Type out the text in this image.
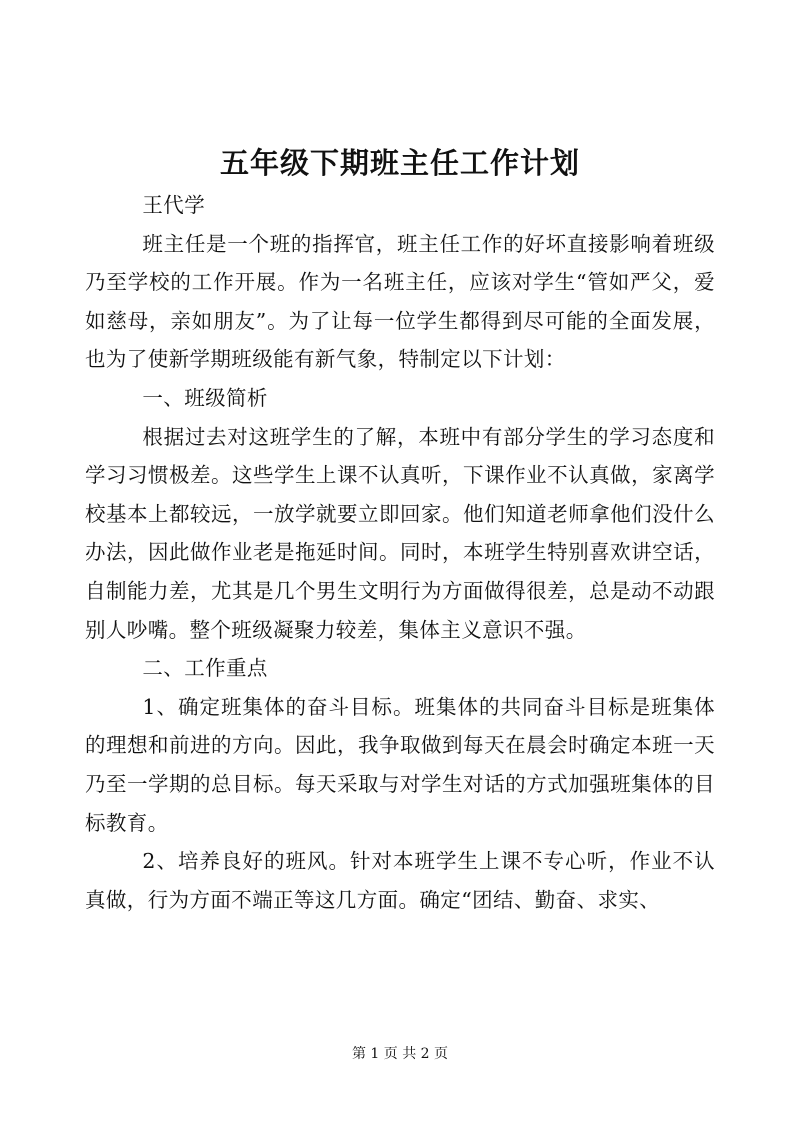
五年级下期班主任工作计划

王代学

班主任是一个班的指挥官，班主任工作的好坏直接影响着班级乃至学校的工作开展。作为一名班主任，应该对学生“管如严父，爱如慈母，亲如朋友”。为了让每一位学生都得到尽可能的全面发展，也为了使新学期班级能有新气象，特制定以下计划：

一、班级简析

根据过去对这班学生的了解，本班中有部分学生的学习态度和学习习惯极差。这些学生上课不认真听，下课作业不认真做，家离学校基本上都较远，一放学就要立即回家。他们知道老师拿他们没什么办法，因此做作业老是拖延时间。同时，本班学生特别喜欢讲空话，自制能力差，尤其是几个男生文明行为方面做得很差，总是动不动跟别人吵嘴。整个班级凝聚力较差，集体主义意识不强。

二、工作重点

1、确定班集体的奋斗目标。班集体的共同奋斗目标是班集体的理想和前进的方向。因此，我争取做到每天在晨会时确定本班一天乃至一学期的总目标。每天采取与对学生对话的方式加强班集体的目标教育。

2、培养良好的班风。针对本班学生上课不专心听，作业不认真做，行为方面不端正等这几方面。确定“团结、勤奋、求实、

第 1 页 共 2 页
